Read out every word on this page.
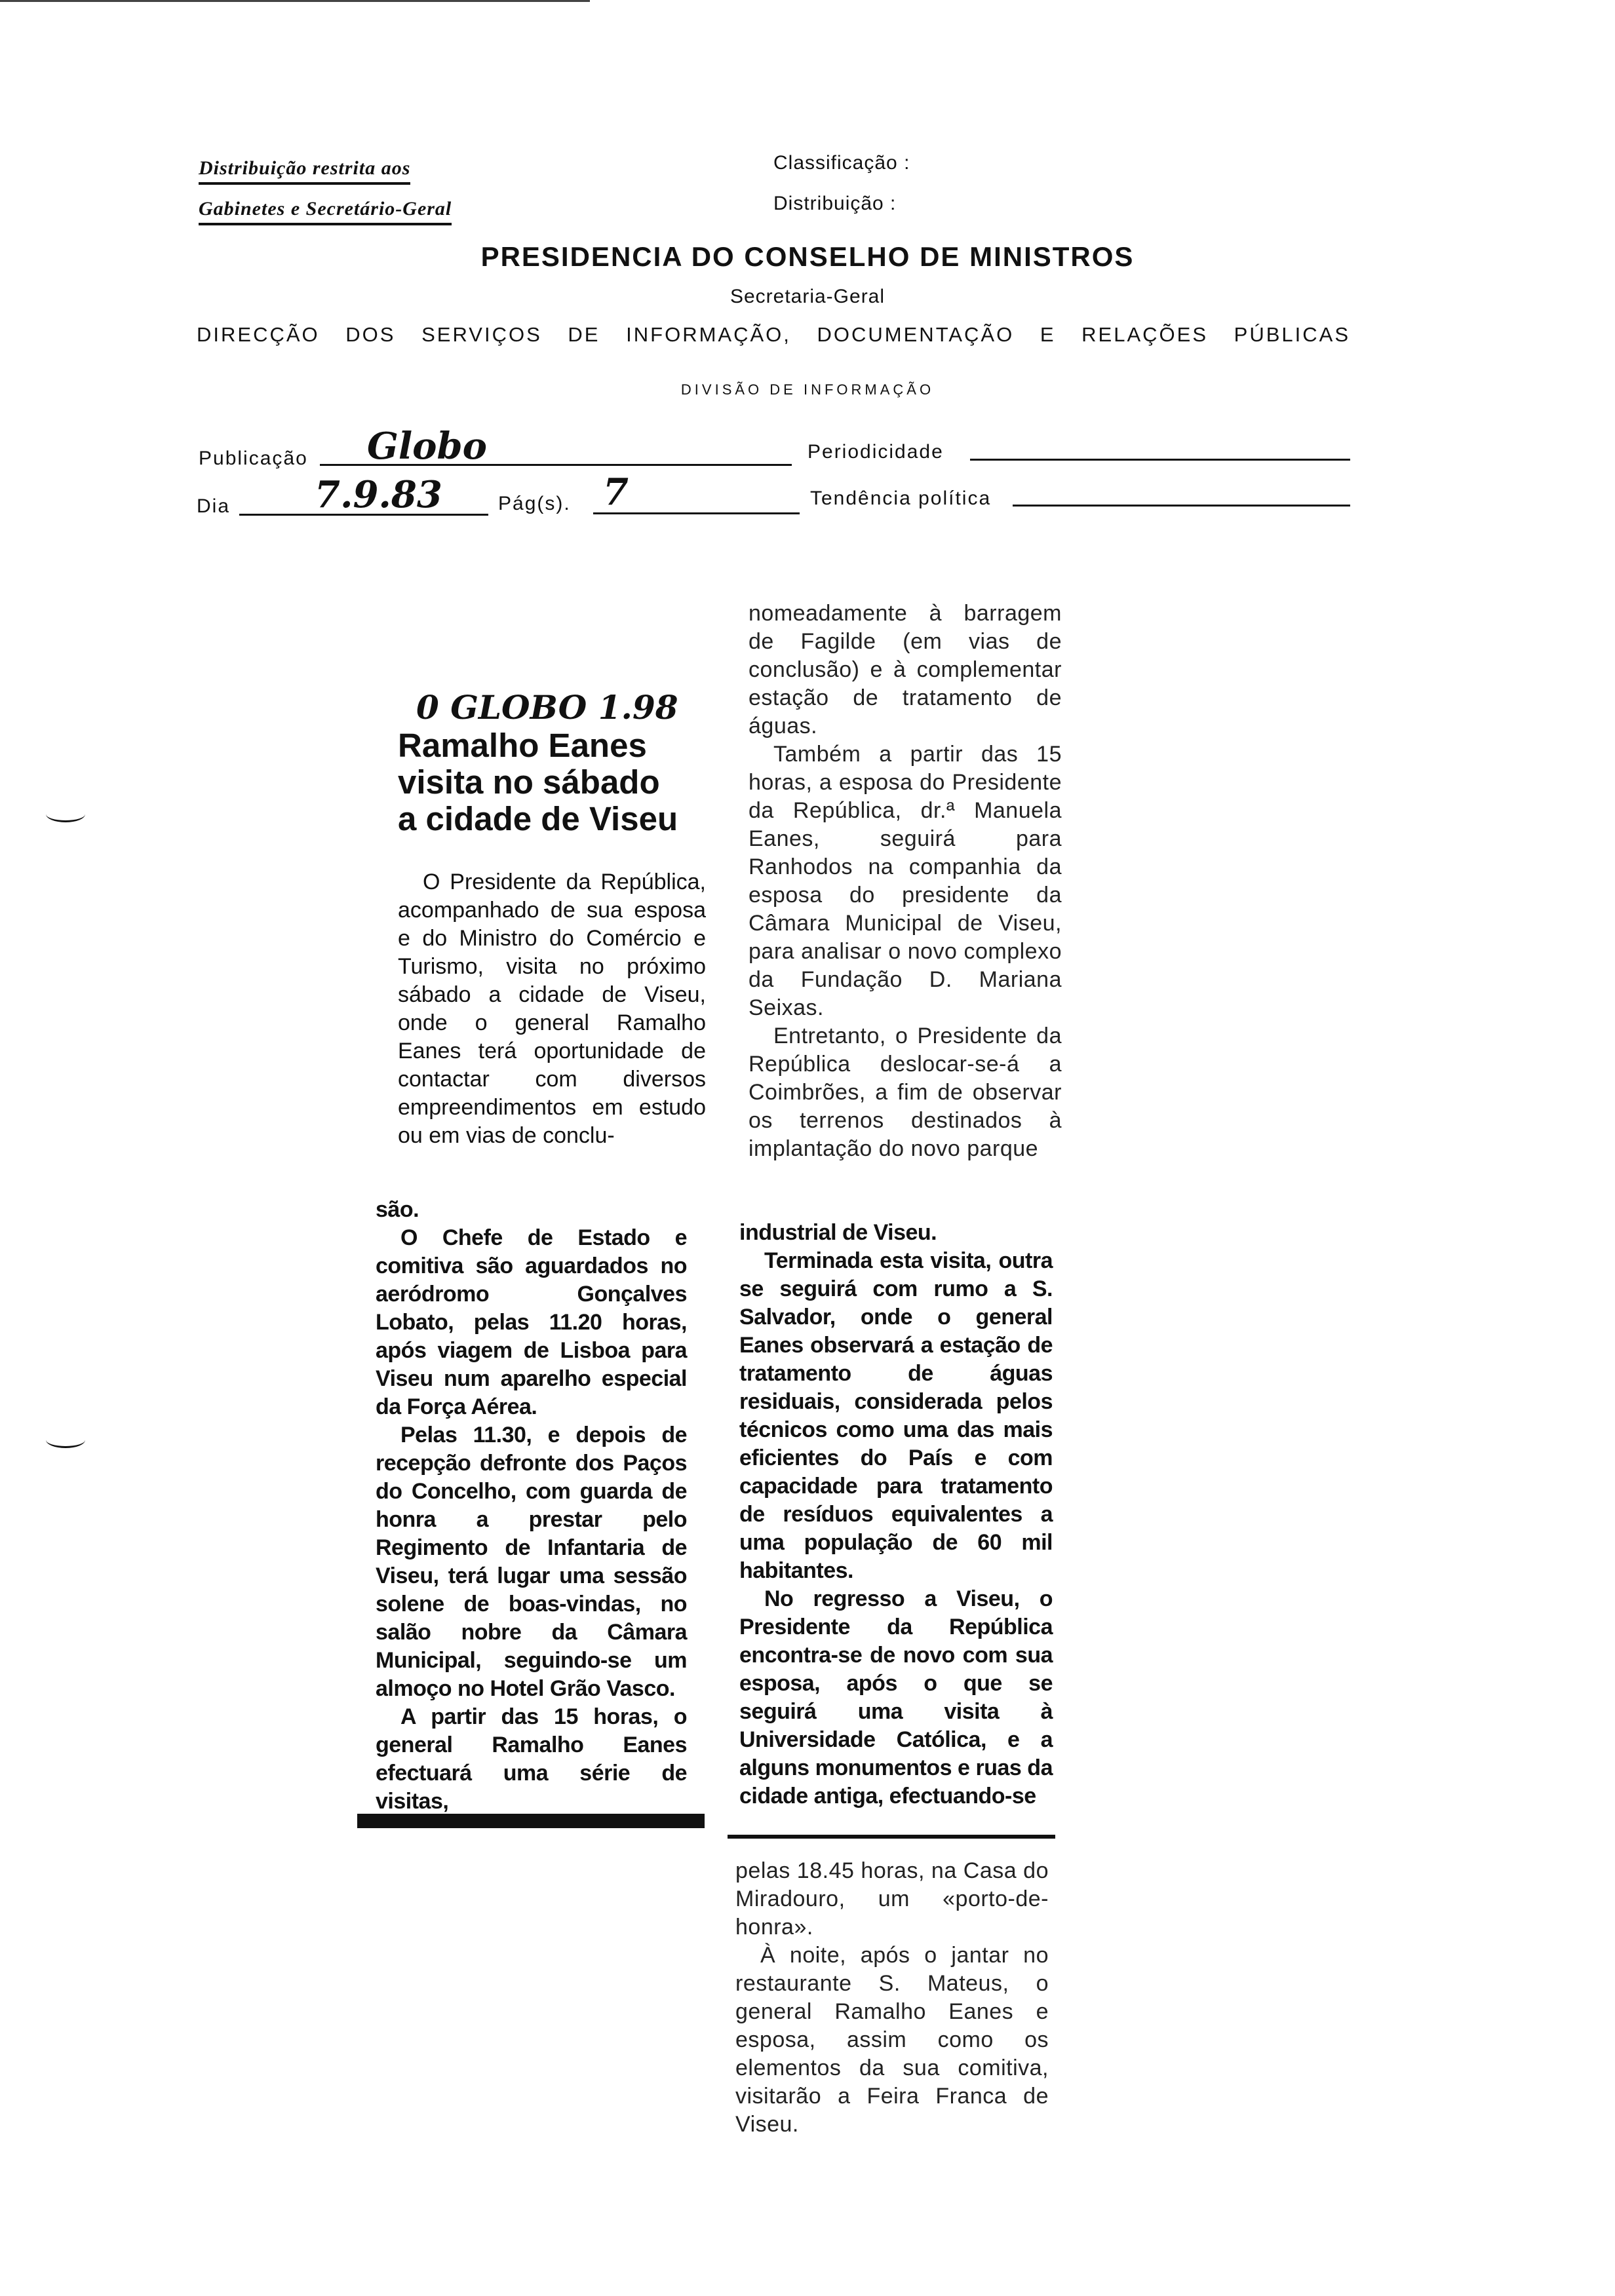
Distribuição restrita aos
Gabinetes e Secretário-Geral
Classificação :
Distribuição :
PRESIDENCIA DO CONSELHO DE MINISTROS
Secretaria-Geral
DIRECÇÃO DOS SERVIÇOS DE INFORMAÇÃO, DOCUMENTAÇÃO E RELAÇÕES PÚBLICAS
DIVISÃO DE INFORMAÇÃO
Publicação Globo	Periodicidade
Dia 7.9.83	Pág(s). 7	Tendência política
0 GLOBO 1.98
Ramalho Eanes
visita no sábado
a cidade de Viseu

O Presidente da República, acompanhado de sua esposa e do Ministro do Comércio e Turismo, visita no próximo sábado a cidade de Viseu, onde o general Ramalho Eanes terá oportunidade de contactar com diversos empreendimentos em estudo ou em vias de conclu-

são.

O Chefe de Estado e comitiva são aguardados no aeródromo Gonçalves Lobato, pelas 11.20 horas, após viagem de Lisboa para Viseu num aparelho especial da Força Aérea.

Pelas 11.30, e depois de recepção defronte dos Paços do Concelho, com guarda de honra a prestar pelo Regimento de Infantaria de Viseu, terá lugar uma sessão solene de boas-vindas, no salão nobre da Câmara Municipal, seguindo-se um almoço no Hotel Grão Vasco.

A partir das 15 horas, o general Ramalho Eanes efectuará uma série de visitas,

nomeadamente à barragem de Fagilde (em vias de conclusão) e à complementar estação de tratamento de águas.

Também a partir das 15 horas, a esposa do Presidente da República, dr.ª Manuela Eanes, seguirá para Ranhodos na companhia da esposa do presidente da Câmara Municipal de Viseu, para analisar o novo complexo da Fundação D. Mariana Seixas.

Entretanto, o Presidente da República deslocar-se-á a Coimbrões, a fim de observar os terrenos destinados à implantação do novo parque

industrial de Viseu.

Terminada esta visita, outra se seguirá com rumo a S. Salvador, onde o general Eanes observará a estação de tratamento de águas residuais, considerada pelos técnicos como uma das mais eficientes do País e com capacidade para tratamento de resíduos equivalentes a uma população de 60 mil habitantes.

No regresso a Viseu, o Presidente da República encontra-se de novo com sua esposa, após o que se seguirá uma visita à Universidade Católica, e a alguns monumentos e ruas da cidade antiga, efectuando-se

pelas 18.45 horas, na Casa do Miradouro, um «porto-de-honra».

À noite, após o jantar no restaurante S. Mateus, o general Ramalho Eanes e esposa, assim como os elementos da sua comitiva, visitarão a Feira Franca de Viseu.
